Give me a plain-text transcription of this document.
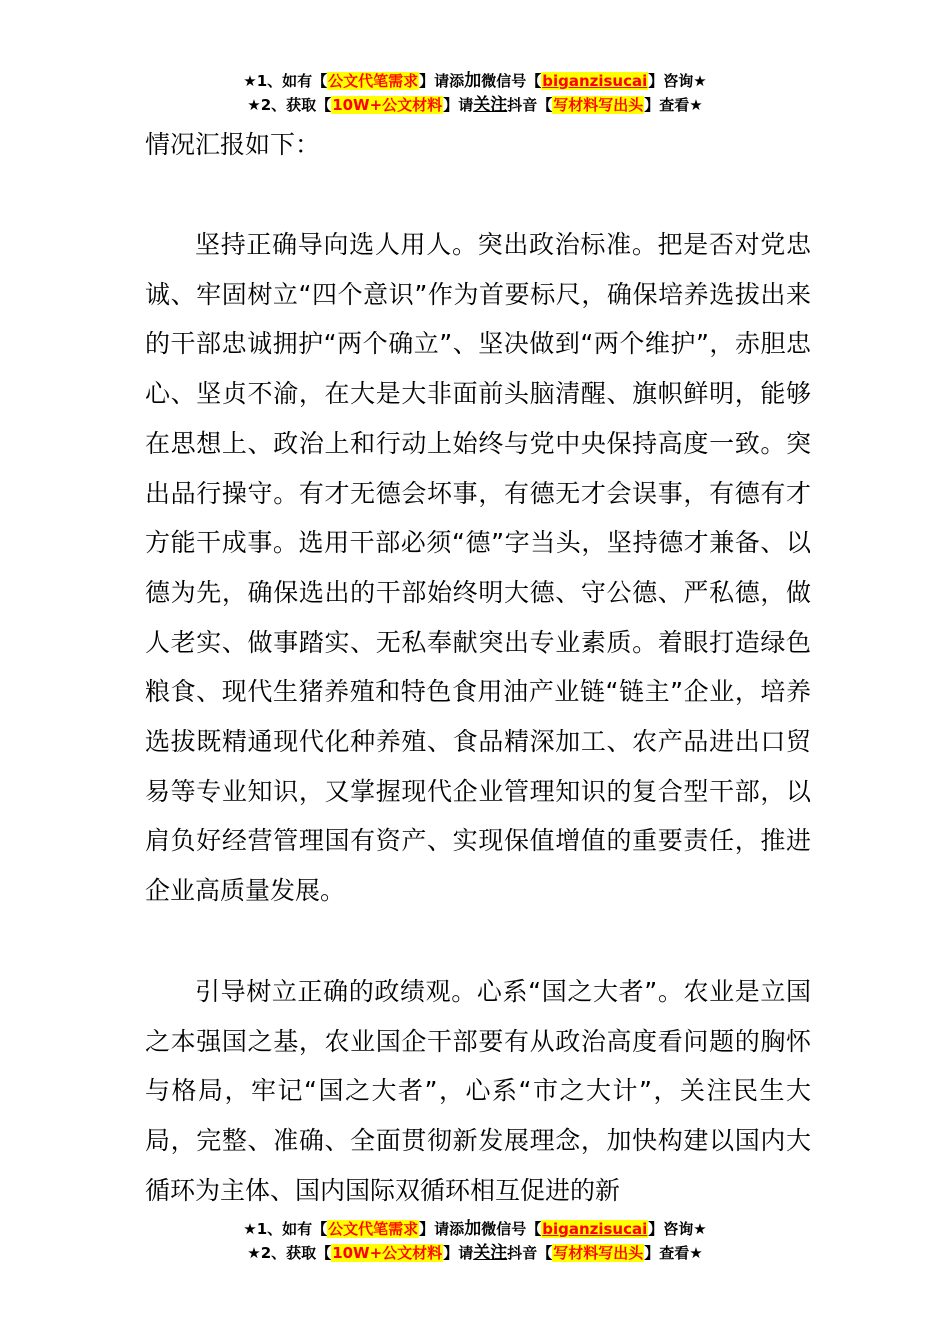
★1、如有【公文代笔需求】请添加微信号【biganzisucai】咨询★
★2、获取【10W+公文材料】请关注抖音【写材料写出头】查看★

情况汇报如下：

坚持正确导向选人用人。突出政治标准。把是否对党忠诚、牢固树立“四个意识”作为首要标尺，确保培养选拔出来的干部忠诚拥护“两个确立”、坚决做到“两个维护”，赤胆忠心、坚贞不渝，在大是大非面前头脑清醒、旗帜鲜明，能够在思想上、政治上和行动上始终与党中央保持高度一致。突出品行操守。有才无德会坏事，有德无才会误事，有德有才方能干成事。选用干部必须“德”字当头，坚持德才兼备、以德为先，确保选出的干部始终明大德、守公德、严私德，做人老实、做事踏实、无私奉献突出专业素质。着眼打造绿色粮食、现代生猪养殖和特色食用油产业链“链主”企业，培养选拔既精通现代化种养殖、食品精深加工、农产品进出口贸易等专业知识，又掌握现代企业管理知识的复合型干部，以肩负好经营管理国有资产、实现保值增值的重要责任，推进企业高质量发展。

引导树立正确的政绩观。心系“国之大者”。农业是立国之本强国之基，农业国企干部要有从政治高度看问题的胸怀与格局，牢记“国之大者”，心系“市之大计”，关注民生大局，完整、准确、全面贯彻新发展理念，加快构建以国内大循环为主体、国内国际双循环相互促进的新

★1、如有【公文代笔需求】请添加微信号【biganzisucai】咨询★
★2、获取【10W+公文材料】请关注抖音【写材料写出头】查看★
